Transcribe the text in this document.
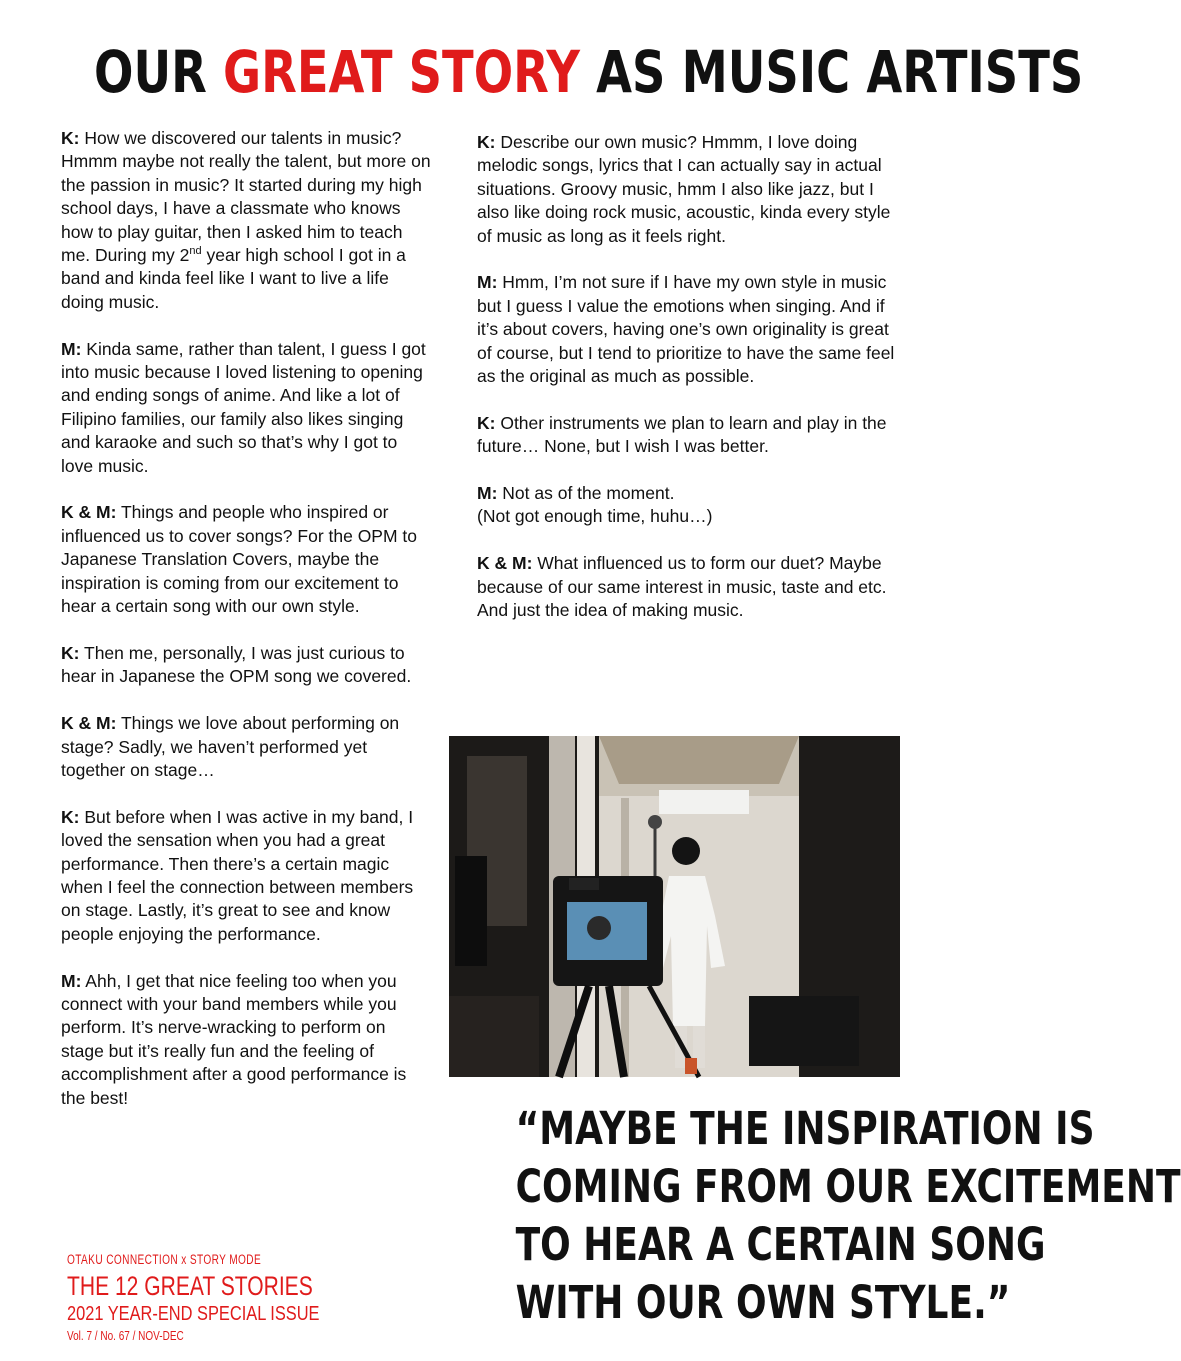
OUR GREAT STORY AS MUSIC ARTISTS

K: How we discovered our talents in music? Hmmm maybe not really the talent, but more on the passion in music? It started during my high school days, I have a classmate who knows how to play guitar, then I asked him to teach me. During my 2nd year high school I got in a band and kinda feel like I want to live a life doing music.

M: Kinda same, rather than talent, I guess I got into music because I loved listening to opening and ending songs of anime. And like a lot of Filipino families, our family also likes singing and karaoke and such so that’s why I got to love music.

K & M: Things and people who inspired or influenced us to cover songs? For the OPM to Japanese Translation Covers, maybe the inspiration is coming from our excitement to hear a certain song with our own style.

K: Then me, personally, I was just curious to hear in Japanese the OPM song we covered.

K & M: Things we love about performing on stage? Sadly, we haven’t performed yet together on stage…

K: But before when I was active in my band, I loved the sensation when you had a great performance. Then there’s a certain magic when I feel the connection between members on stage. Lastly, it’s great to see and know people enjoying the performance.

M: Ahh, I get that nice feeling too when you connect with your band members while you perform. It’s nerve-wracking to perform on stage but it’s really fun and the feeling of accomplishment after a good performance is the best!

K: Describe our own music? Hmmm, I love doing melodic songs, lyrics that I can actually say in actual situations. Groovy music, hmm I also like jazz, but I also like doing rock music, acoustic, kinda every style of music as long as it feels right.

M: Hmm, I’m not sure if I have my own style in music but I guess I value the emotions when singing. And if it’s about covers, having one’s own originality is great of course, but I tend to prioritize to have the same feel as the original as much as possible.

K: Other instruments we plan to learn and play in the future… None, but I wish I was better.

M: Not as of the moment.
(Not got enough time, huhu…)

K & M: What influenced us to form our duet? Maybe because of our same interest in music, taste and etc. And just the idea of making music.

“MAYBE THE INSPIRATION IS
COMING FROM OUR EXCITEMENT
TO HEAR A CERTAIN SONG
WITH OUR OWN STYLE.”
OTAKU CONNECTION x STORY MODE
THE 12 GREAT STORIES
2021 YEAR-END SPECIAL ISSUE
Vol. 7 / No. 67 / NOV-DEC
